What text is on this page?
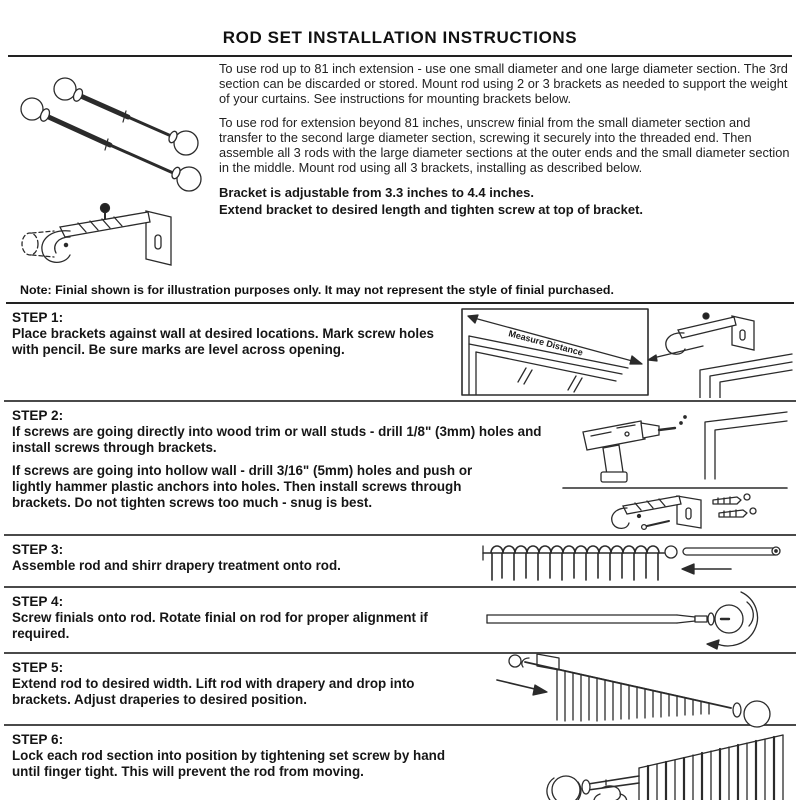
ROD SET INSTALLATION INSTRUCTIONS

To use rod up to 81 inch extension - use one small diameter and one large diameter section. The 3rd section can be discarded or stored. Mount rod using 2 or 3 brackets as needed to support the weight of your curtains. See instructions for mounting brackets below.

To use rod for extension beyond 81 inches, unscrew finial from the small diameter section and transfer to the second large diameter section, screwing it securely into the threaded end. Then assemble all 3 rods with the large diameter sections at the outer ends and the small diameter section in the middle. Mount rod using all 3 brackets, installing as described below.

Bracket is adjustable from 3.3 inches to 4.4 inches.
Extend bracket to desired length and tighten screw at top of bracket.
Note: Finial shown is for illustration purposes only. It may not represent the style of finial purchased.

STEP 1:

Place brackets against wall at desired locations. Mark screw holes with pencil. Be sure marks are level across opening.	Measure Distance

STEP 2:

If screws are going directly into wood trim or wall studs - drill 1/8" (3mm) holes and install screws through brackets.

If screws are going into hollow wall - drill 3/16" (5mm) holes and push or lightly hammer plastic anchors into holes. Then install screws through brackets. Do not tighten screws too much - snug is best.

STEP 3:

Assemble rod and shirr drapery treatment onto rod.

STEP 4:

Screw finials onto rod. Rotate finial on rod for proper alignment if required.

STEP 5:

Extend rod to desired width. Lift rod with drapery and drop into brackets. Adjust draperies to desired position.

STEP 6:

Lock each rod section into position by tightening set screw by hand until finger tight. This will prevent the rod from moving.
